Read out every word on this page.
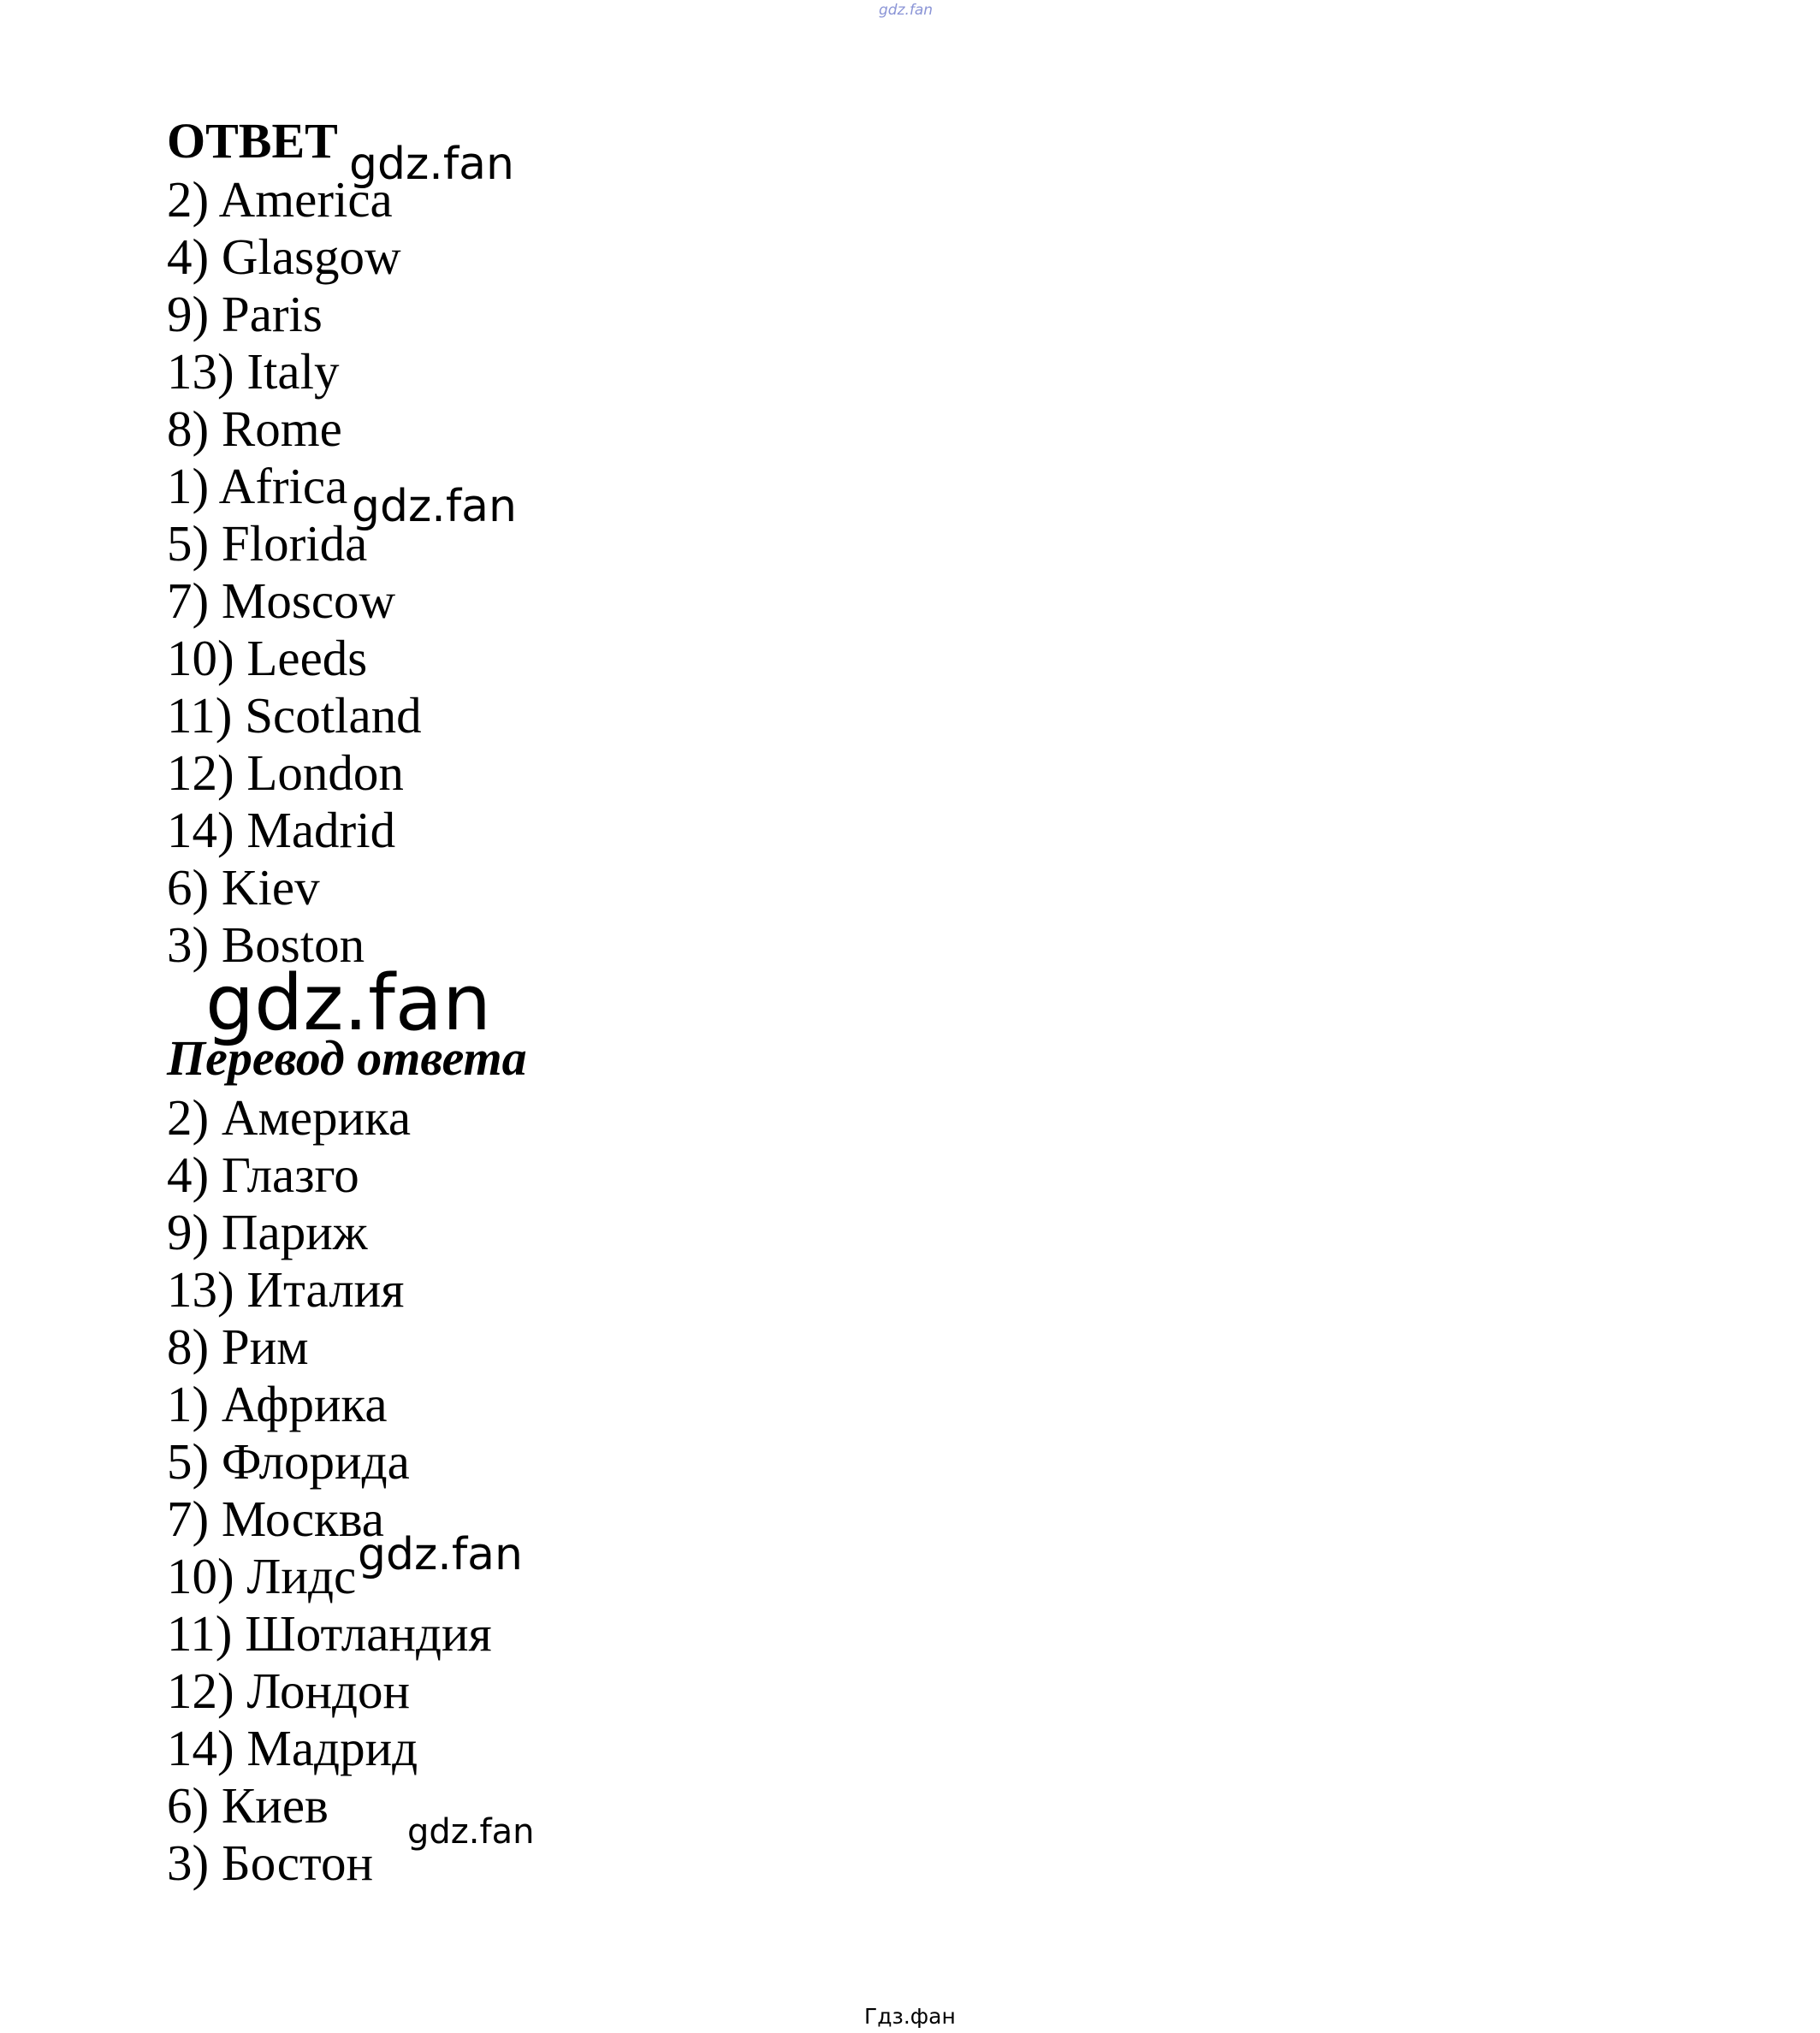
gdz.fan
ОТВЕТ
2) America
4) Glasgow
9) Paris
13) Italy
8) Rome
1) Africa
5) Florida
7) Moscow
10) Leeds
11) Scotland
12) London
14) Madrid
6) Kiev
3) Boston
Перевод ответа
2) Америка
4) Глазго
9) Париж
13) Италия
8) Рим
1) Африка
5) Флорида
7) Москва
10) Лидс
11) Шотландия
12) Лондон
14) Мадрид
6) Киев
3) Бостон
gdz.fan
gdz.fan
gdz.fan
gdz.fan
gdz.fan
Гдз.фан
